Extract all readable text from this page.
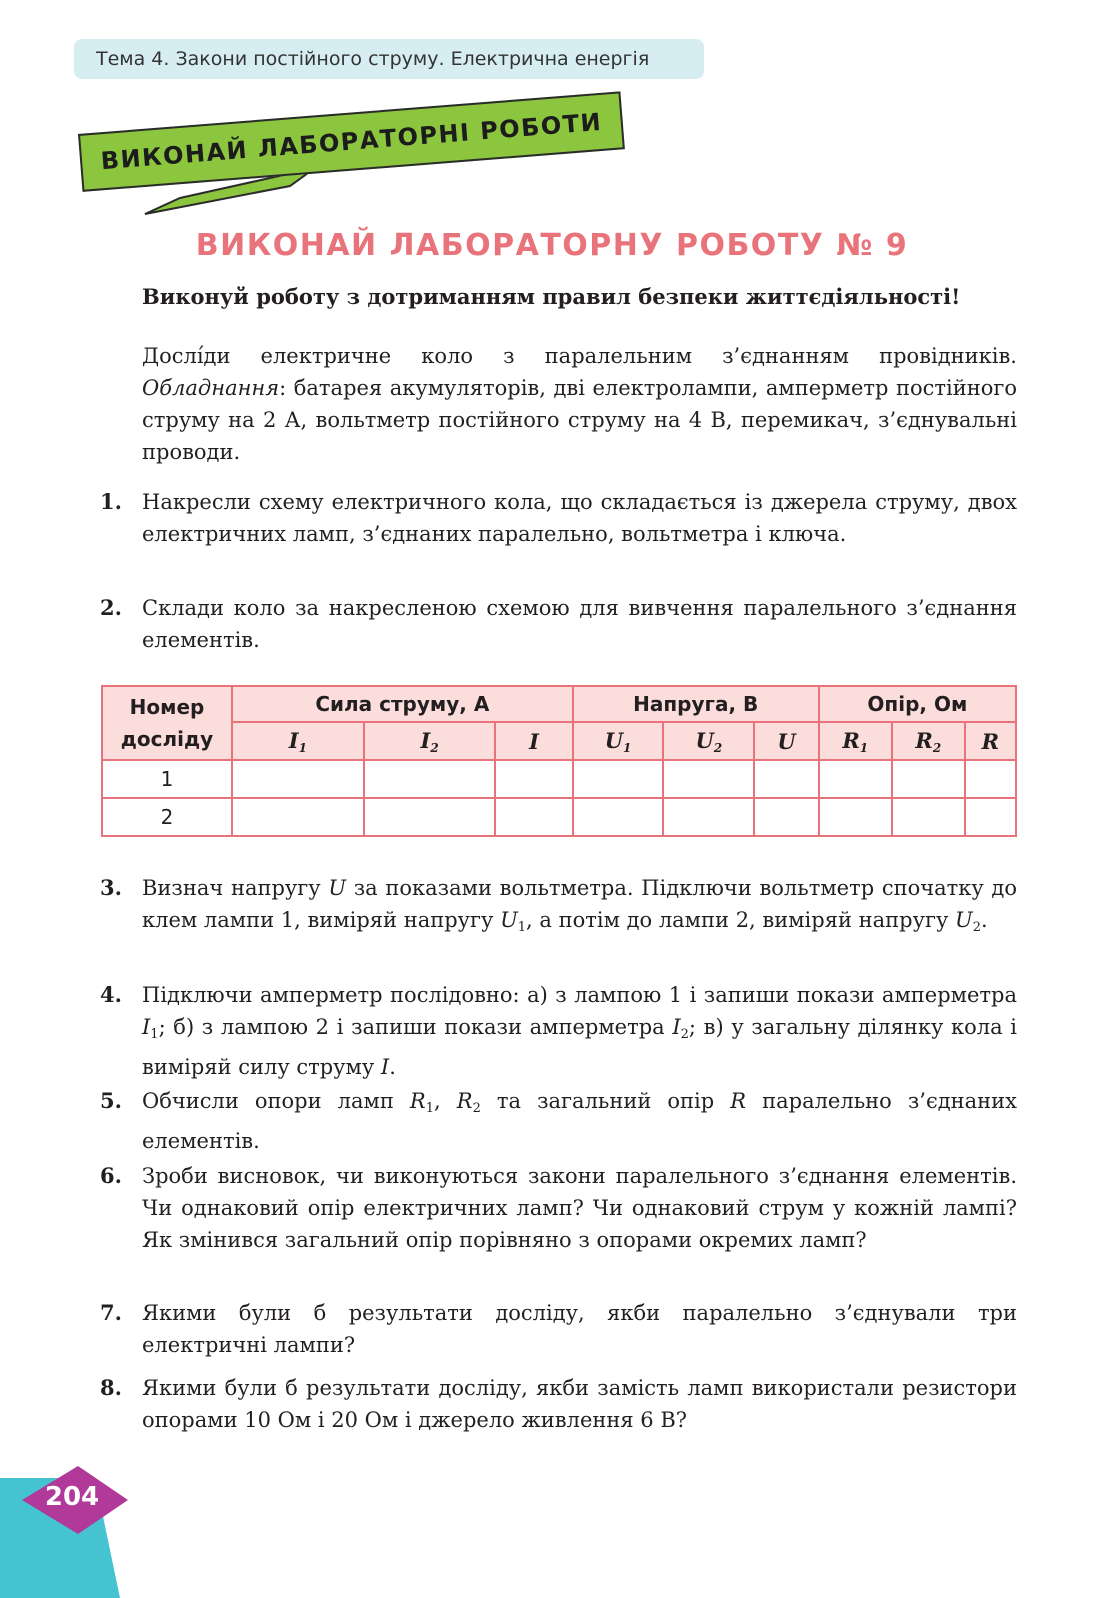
Тема 4. Закони постійного струму. Електрична енергія
ВИКОНАЙ ЛАБОРАТОРНІ РОБОТИ
ВИКОНАЙ ЛАБОРАТОРНУ РОБОТУ № 9
Виконуй роботу з дотриманням правил безпеки життєдіяльності!
Дослі́ди електричне коло з паралельним з’єднанням провідників. Обладнання: батарея акумуляторів, дві електролампи, амперметр постійного струму на 2 А, вольтметр постійного струму на 4 В, перемикач, з’єднувальні проводи.
1. Накресли схему електричного кола, що складається із джерела струму, двох електричних ламп, з’єднаних паралельно, вольтметра і ключа.
2. Склади коло за накресленою схемою для вивчення паралельного з’єднання елементів.
Номер досліду	Сила струму, А			Напруга, В			Опір, Ом		
	$I_1$	$I_2$	I	$U_1$	$U_2$	U	$R_1$	$R_2$	R
1									
2									
3. Визнач напругу U за показами вольтметра. Підключи вольтметр спочатку до клем лампи 1, виміряй напругу $U_1$, а потім до лампи 2, виміряй напругу $U_2$.
4. Підключи амперметр послідовно: а) з лампою 1 і запиши покази амперметра $I_1$; б) з лампою 2 і запиши покази амперметра $I_2$; в) у загальну ділянку кола і виміряй силу струму I.
5. Обчисли опори ламп $R_1$, $R_2$ та загальний опір R паралельно з’єднаних елементів.
6. Зроби висновок, чи виконуються закони паралельного з’єднання елементів. Чи однаковий опір електричних ламп? Чи однаковий струм у кожній лампі? Як змінився загальний опір порівняно з опорами окремих ламп?
7. Якими були б результати досліду, якби паралельно з’єднували три електричні лампи?
8. Якими були б результати досліду, якби замість ламп використали резистори опорами 10 Ом і 20 Ом і джерело живлення 6 В?
204
